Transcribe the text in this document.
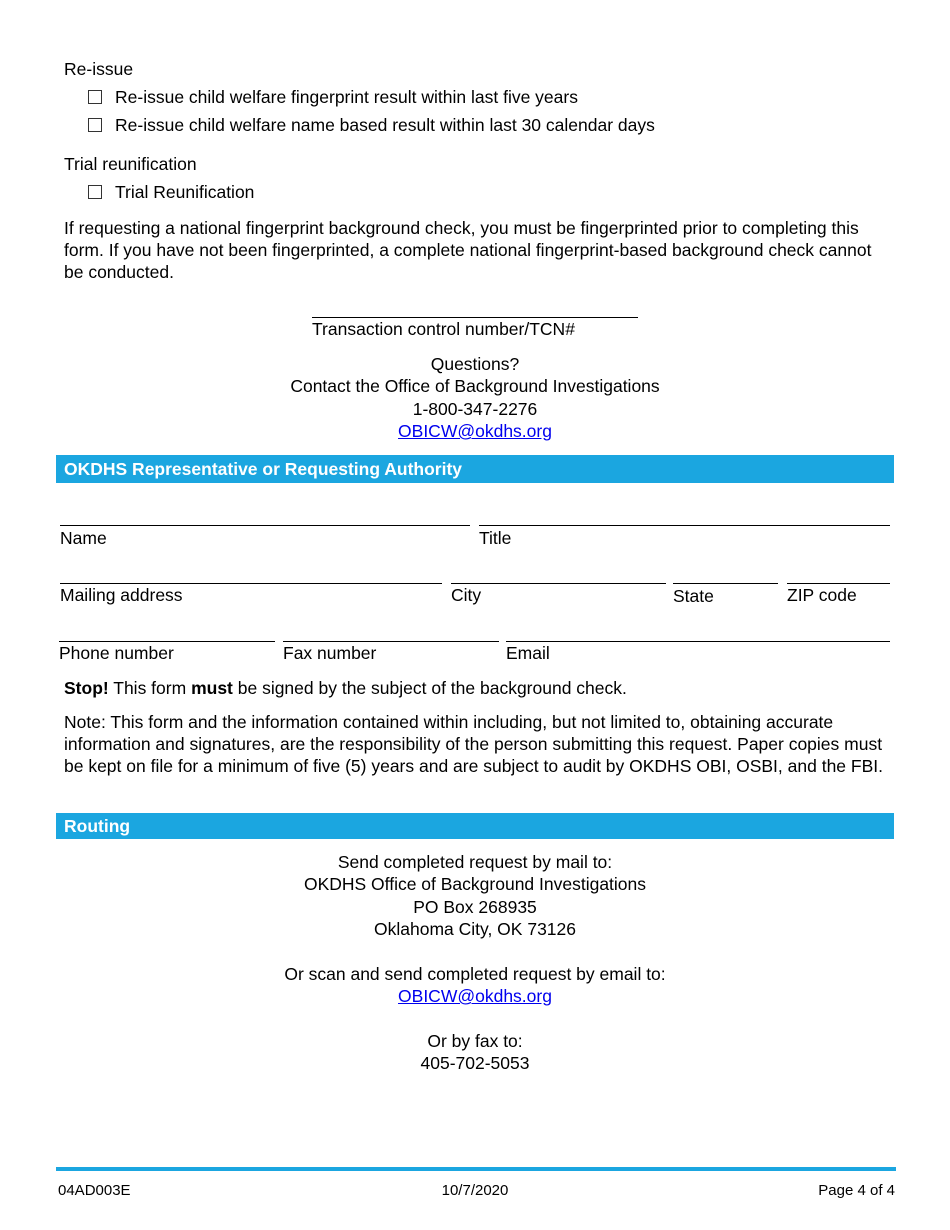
Re-issue
Re-issue child welfare fingerprint result within last five years
Re-issue child welfare name based result within last 30 calendar days
Trial reunification
Trial Reunification
If requesting a national fingerprint background check, you must be fingerprinted prior to completing this form. If you have not been fingerprinted, a complete national fingerprint-based background check cannot be conducted.
Transaction control number/TCN#
Questions?
Contact the Office of Background Investigations
1-800-347-2276
OBICW@okdhs.org
OKDHS Representative or Requesting Authority
Name	Title
Mailing address	City	State	ZIP code
Phone number	Fax number	Email
Stop! This form must be signed by the subject of the background check.
Note: This form and the information contained within including, but not limited to, obtaining accurate information and signatures, are the responsibility of the person submitting this request. Paper copies must be kept on file for a minimum of five (5) years and are subject to audit by OKDHS OBI, OSBI, and the FBI.
Routing
Send completed request by mail to:
OKDHS Office of Background Investigations
PO Box 268935
Oklahoma City, OK 73126
Or scan and send completed request by email to:
OBICW@okdhs.org
Or by fax to:
405-702-5053
04AD003E	10/7/2020	Page 4 of 4
